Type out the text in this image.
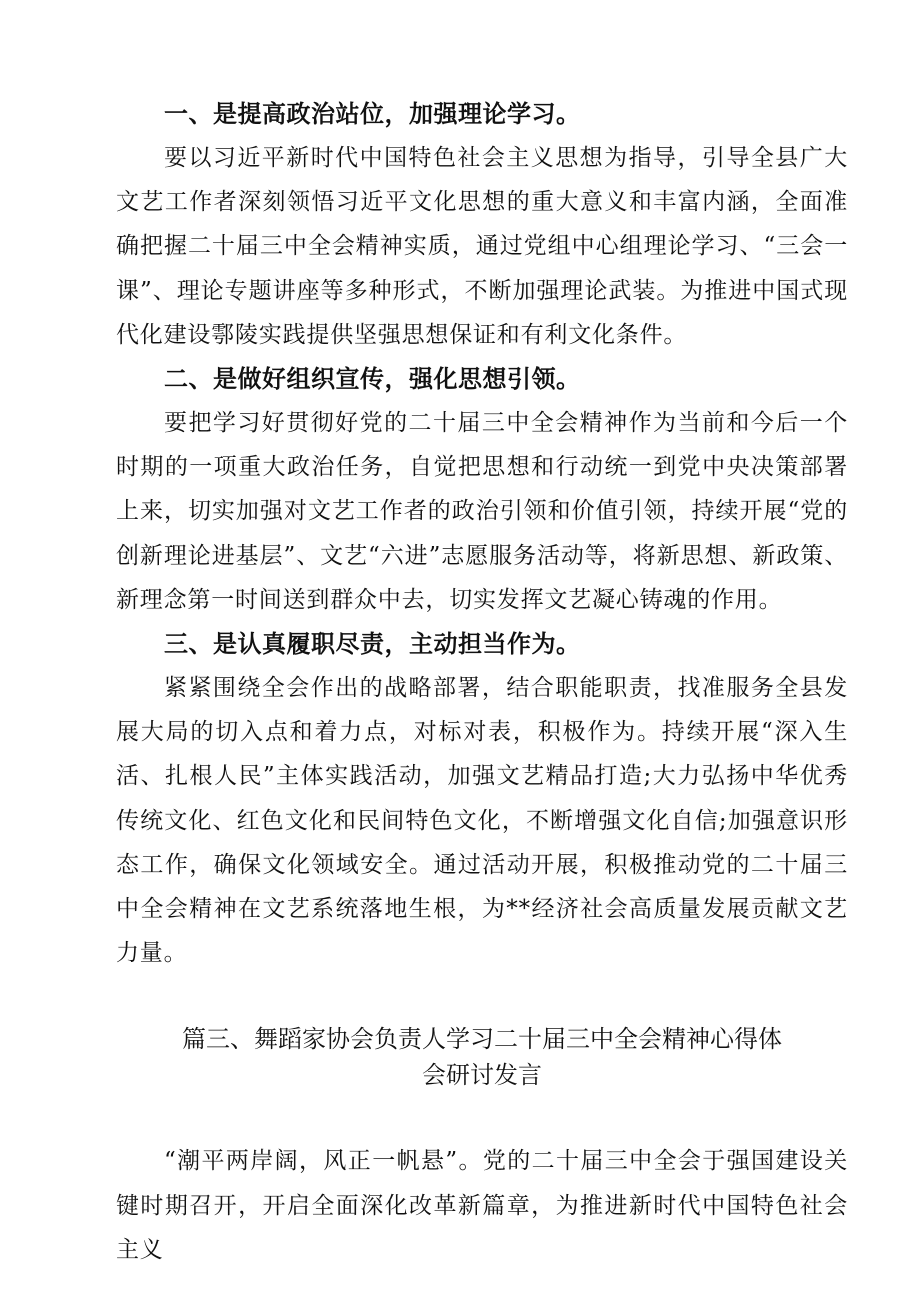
一、是提高政治站位，加强理论学习。

要以习近平新时代中国特色社会主义思想为指导，引导全县广大文艺工作者深刻领悟习近平文化思想的重大意义和丰富内涵，全面准确把握二十届三中全会精神实质，通过党组中心组理论学习、“三会一课”、理论专题讲座等多种形式，不断加强理论武装。为推进中国式现代化建设鄠陵实践提供坚强思想保证和有利文化条件。

二、是做好组织宣传，强化思想引领。

要把学习好贯彻好党的二十届三中全会精神作为当前和今后一个时期的一项重大政治任务，自觉把思想和行动统一到党中央决策部署上来，切实加强对文艺工作者的政治引领和价值引领，持续开展“党的创新理论进基层”、文艺“六进”志愿服务活动等，将新思想、新政策、新理念第一时间送到群众中去，切实发挥文艺凝心铸魂的作用。

三、是认真履职尽责，主动担当作为。

紧紧围绕全会作出的战略部署，结合职能职责，找准服务全县发展大局的切入点和着力点，对标对表，积极作为。持续开展“深入生活、扎根人民”主体实践活动，加强文艺精品打造;大力弘扬中华优秀传统文化、红色文化和民间特色文化，不断增强文化自信;加强意识形态工作，确保文化领域安全。通过活动开展，积极推动党的二十届三中全会精神在文艺系统落地生根，为**经济社会高质量发展贡献文艺力量。

篇三、舞蹈家协会负责人学习二十届三中全会精神心得体
会研讨发言

“潮平两岸阔，风正一帆悬”。党的二十届三中全会于强国建设关键时期召开，开启全面深化改革新篇章，为推进新时代中国特色社会主义
